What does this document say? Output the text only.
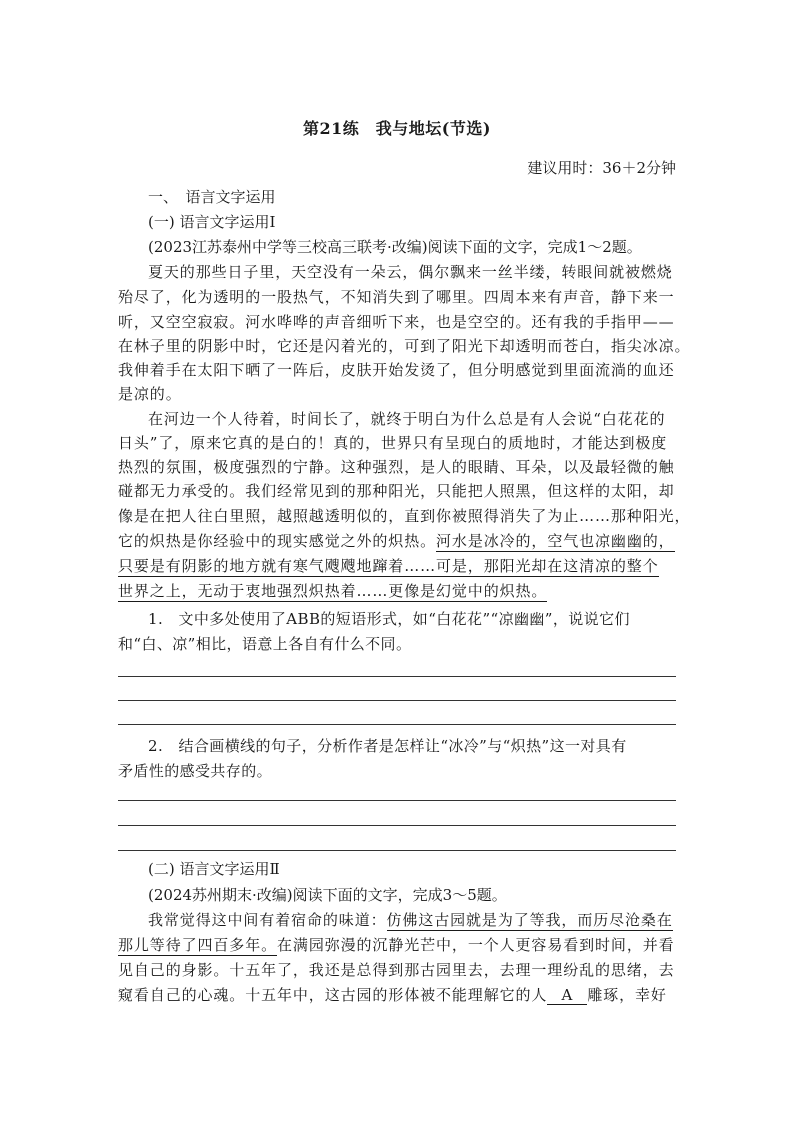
第21练　我与地坛(节选)
建议用时：36＋2分钟
一、　语言文字运用
(一) 语言文字运用Ⅰ
(2023江苏泰州中学等三校高三联考·改编)阅读下面的文字，完成1～2题。
夏天的那些日子里，天空没有一朵云，偶尔飘来一丝半缕，转眼间就被燃烧
殆尽了，化为透明的一股热气，不知消失到了哪里。四周本来有声音，静下来一
听，又空空寂寂。河水哗哗的声音细听下来，也是空空的。还有我的手指甲——
在林子里的阴影中时，它还是闪着光的，可到了阳光下却透明而苍白，指尖冰凉。
我伸着手在太阳下晒了一阵后，皮肤开始发烫了，但分明感觉到里面流淌的血还
是凉的。
在河边一个人待着，时间长了，就终于明白为什么总是有人会说“白花花的
日头”了，原来它真的是白的！真的，世界只有呈现白的质地时，才能达到极度
热烈的氛围，极度强烈的宁静。这种强烈，是人的眼睛、耳朵，以及最轻微的触
碰都无力承受的。我们经常见到的那种阳光，只能把人照黑，但这样的太阳，却
像是在把人往白里照，越照越透明似的，直到你被照得消失了为止……那种阳光，
它的炽热是你经验中的现实感觉之外的炽热。河水是冰冷的，空气也凉幽幽的，
只要是有阴影的地方就有寒气飕飕地蹿着……可是，那阳光却在这清凉的整个
世界之上，无动于衷地强烈炽热着……更像是幻觉中的炽热。
1.　文中多处使用了ABB的短语形式，如“白花花”“凉幽幽”，说说它们
和“白、凉”相比，语意上各自有什么不同。
2.　结合画横线的句子，分析作者是怎样让“冰冷”与“炽热”这一对具有
矛盾性的感受共存的。
(二) 语言文字运用Ⅱ
(2024苏州期末·改编)阅读下面的文字，完成3～5题。
我常觉得这中间有着宿命的味道：仿佛这古园就是为了等我，而历尽沧桑在
那儿等待了四百多年。在满园弥漫的沉静光芒中，一个人更容易看到时间，并看
见自己的身影。十五年了，我还是总得到那古园里去，去理一理纷乱的思绪，去
窥看自己的心魂。十五年中，这古园的形体被不能理解它的人 A 雕琢，幸好
